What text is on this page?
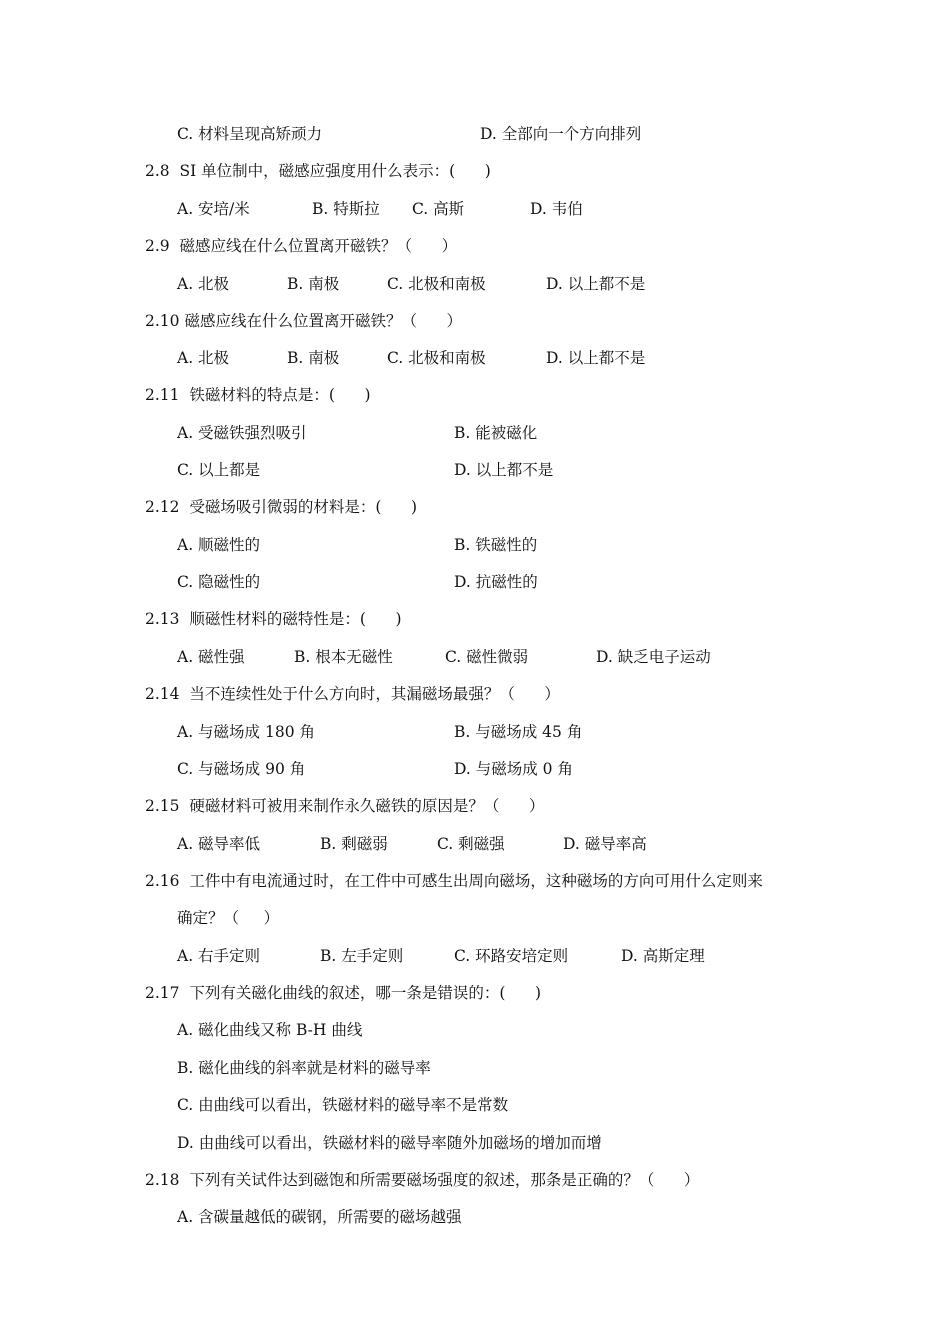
C. 材料呈现高矫顽力	D. 全部向一个方向排列
2.8  SI 单位制中，磁感应强度用什么表示：(      )
A. 安培/米	B. 特斯拉 C. 高斯	D. 韦伯
2.9  磁感应线在什么位置离开磁铁？（      ）
A. 北极	B. 南极	C. 北极和南极	D. 以上都不是
2.10 磁感应线在什么位置离开磁铁？（      ）
A. 北极	B. 南极	C. 北极和南极	D. 以上都不是
2.11  铁磁材料的特点是：(      )
A. 受磁铁强烈吸引	B. 能被磁化
C. 以上都是	D. 以上都不是
2.12  受磁场吸引微弱的材料是：(      )
A. 顺磁性的	B. 铁磁性的
C. 隐磁性的	D. 抗磁性的
2.13  顺磁性材料的磁特性是：(      )
A. 磁性强	B. 根本无磁性	C. 磁性微弱	D. 缺乏电子运动
2.14  当不连续性处于什么方向时，其漏磁场最强？（      ）
A. 与磁场成 180 角	B. 与磁场成 45 角
C. 与磁场成 90 角	D. 与磁场成 0 角
2.15  硬磁材料可被用来制作永久磁铁的原因是？（      ）
A. 磁导率低	B. 剩磁弱	C. 剩磁强	D. 磁导率高
2.16  工件中有电流通过时，在工件中可感生出周向磁场，这种磁场的方向可用什么定则来
确定？（     ）
A. 右手定则	B. 左手定则	C. 环路安培定则	D. 高斯定理
2.17  下列有关磁化曲线的叙述，哪一条是错误的：(      )
A. 磁化曲线又称 B-H 曲线
B. 磁化曲线的斜率就是材料的磁导率
C. 由曲线可以看出，铁磁材料的磁导率不是常数
D. 由曲线可以看出，铁磁材料的磁导率随外加磁场的增加而增
2.18  下列有关试件达到磁饱和所需要磁场强度的叙述，那条是正确的？（      ）
A. 含碳量越低的碳钢，所需要的磁场越强
